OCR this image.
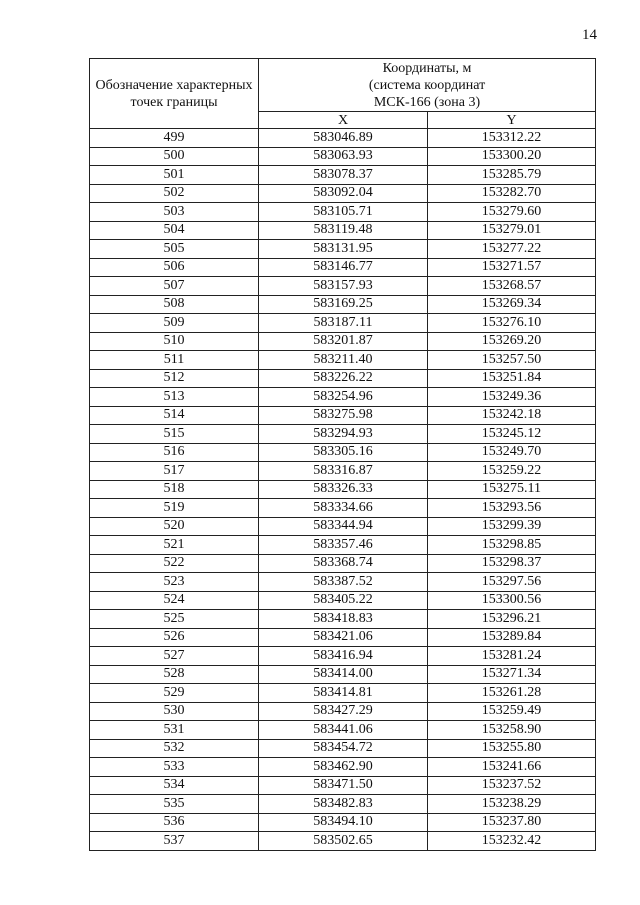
14
Обозначение характерных точек границы	Координаты, м
(система координат
МСК-166 (зона 3)	

	X	Y
499	583046.89	153312.22
500	583063.93	153300.20
501	583078.37	153285.79
502	583092.04	153282.70
503	583105.71	153279.60
504	583119.48	153279.01
505	583131.95	153277.22
506	583146.77	153271.57
507	583157.93	153268.57
508	583169.25	153269.34
509	583187.11	153276.10
510	583201.87	153269.20
511	583211.40	153257.50
512	583226.22	153251.84
513	583254.96	153249.36
514	583275.98	153242.18
515	583294.93	153245.12
516	583305.16	153249.70
517	583316.87	153259.22
518	583326.33	153275.11
519	583334.66	153293.56
520	583344.94	153299.39
521	583357.46	153298.85
522	583368.74	153298.37
523	583387.52	153297.56
524	583405.22	153300.56
525	583418.83	153296.21
526	583421.06	153289.84
527	583416.94	153281.24
528	583414.00	153271.34
529	583414.81	153261.28
530	583427.29	153259.49
531	583441.06	153258.90
532	583454.72	153255.80
533	583462.90	153241.66
534	583471.50	153237.52
535	583482.83	153238.29
536	583494.10	153237.80
537	583502.65	153232.42
